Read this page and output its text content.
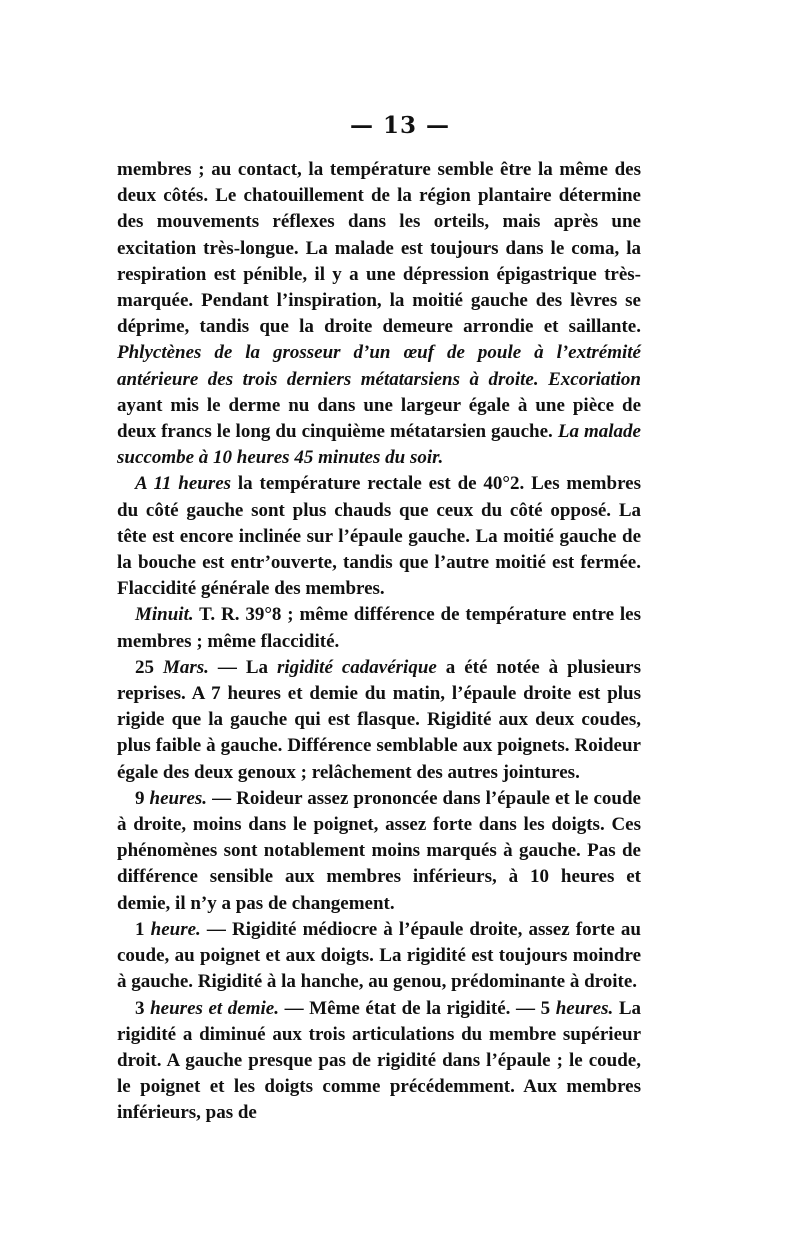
— 13 —

membres ; au contact, la température semble être la même des deux côtés. Le chatouillement de la région plantaire détermine des mouvements réflexes dans les orteils, mais après une excitation très-longue. La malade est toujours dans le coma, la respiration est pénible, il y a une dépression épigastrique très-marquée. Pendant l’inspiration, la moitié gauche des lèvres se déprime, tandis que la droite demeure arrondie et saillante. Phlyctènes de la grosseur d’un œuf de poule à l’extrémité antérieure des trois derniers métatarsiens à droite. Excoriation ayant mis le derme nu dans une largeur égale à une pièce de deux francs le long du cinquième métatarsien gauche. La malade succombe à 10 heures 45 minutes du soir.

A 11 heures la température rectale est de 40°2. Les membres du côté gauche sont plus chauds que ceux du côté opposé. La tête est encore inclinée sur l’épaule gauche. La moitié gauche de la bouche est entr’ouverte, tandis que l’autre moitié est fermée. Flaccidité générale des membres.

Minuit. T. R. 39°8 ; même différence de température entre les membres ; même flaccidité.

25 Mars. — La rigidité cadavérique a été notée à plusieurs reprises. A 7 heures et demie du matin, l’épaule droite est plus rigide que la gauche qui est flasque. Rigidité aux deux coudes, plus faible à gauche. Différence semblable aux poignets. Roideur égale des deux genoux ; relâchement des autres jointures.

9 heures. — Roideur assez prononcée dans l’épaule et le coude à droite, moins dans le poignet, assez forte dans les doigts. Ces phénomènes sont notablement moins marqués à gauche. Pas de différence sensible aux membres inférieurs, à 10 heures et demie, il n’y a pas de changement.

1 heure. — Rigidité médiocre à l’épaule droite, assez forte au coude, au poignet et aux doigts. La rigidité est toujours moindre à gauche. Rigidité à la hanche, au genou, prédominante à droite.

3 heures et demie. — Même état de la rigidité. — 5 heures. La rigidité a diminué aux trois articulations du membre supérieur droit. A gauche presque pas de rigidité dans l’épaule ; le coude, le poignet et les doigts comme précédemment. Aux membres inférieurs, pas de
